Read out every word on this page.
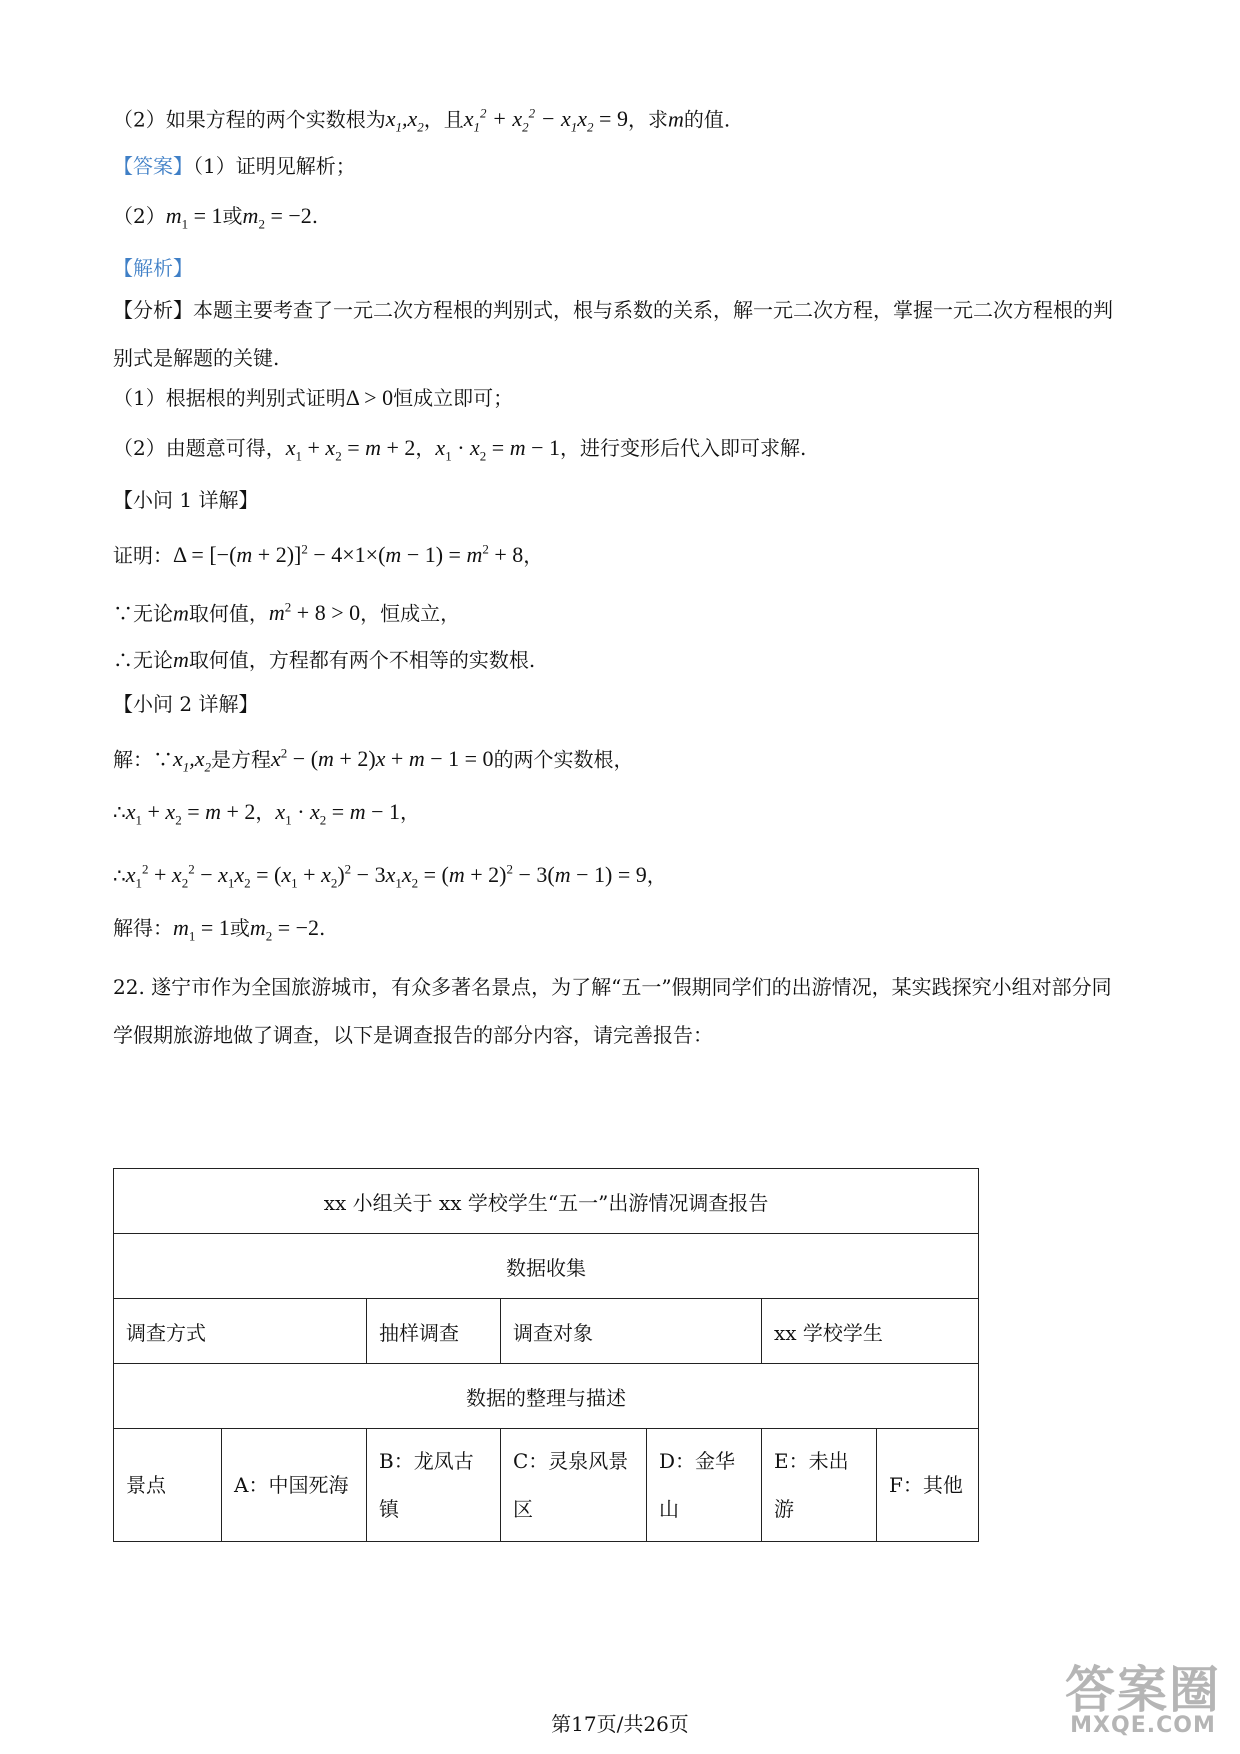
（2）如果方程的两个实数根为$x_1,x_2$，且$x_1^2 + x_2^2 - x_1x_2 = 9$，求m的值.
【答案】（1）证明见解析；
$(2)m_1 = 1$或$m_2 = -2$.
【解析】
【分析】本题主要考查了一元二次方程根的判别式，根与系数的关系，解一元二次方程，掌握一元二次方程根的判别式是解题的关键.
（1）根据根的判别式证明Δ > 0恒成立即可；
（2）由题意可得，$x_1 + x_2 = m + 2$，$x_1 \cdot x_2 = m - 1$，进行变形后代入即可求解.
【小问 1 详解】
证明：$\Delta = [-(m + 2)]^2 - 4\times 1\times(m - 1) = m^2 + 8$，
∵无论m取何值，$m^2 + 8 > 0$，恒成立，
∴无论m取何值，方程都有两个不相等的实数根.
【小问 2 详解】
解：$\because x_1,x_2$是方程$x^2 - (m + 2)x + m - 1 = 0$的两个实数根，
$\therefore x_1 + x_2 = m + 2$，$x_1 \cdot x_2 = m - 1$，
$\therefore x_1^2 + x_2^2 - x_1x_2 = (x_1 + x_2)^2 - 3x_1x_2 = (m + 2)^2 - 3(m - 1) = 9$，
解得：$m_1 = 1$或$m_2 = -2$.
22. 遂宁市作为全国旅游城市，有众多著名景点，为了解“五一”假期同学们的出游情况，某实践探究小组对部分同学假期旅游地做了调查，以下是调查报告的部分内容，请完善报告：
xx 小组关于 xx 学校学生“五一”出游情况调查报告						
数据收集						
调查方式		抽样调查	调查对象		xx 学校学生	
数据的整理与描述						
景点	A：中国死海	B：龙凤古镇	C：灵泉风景区	D：金华山	E：未出游	F：其他
第17页/共26页
答案圈
MXQE.COM
